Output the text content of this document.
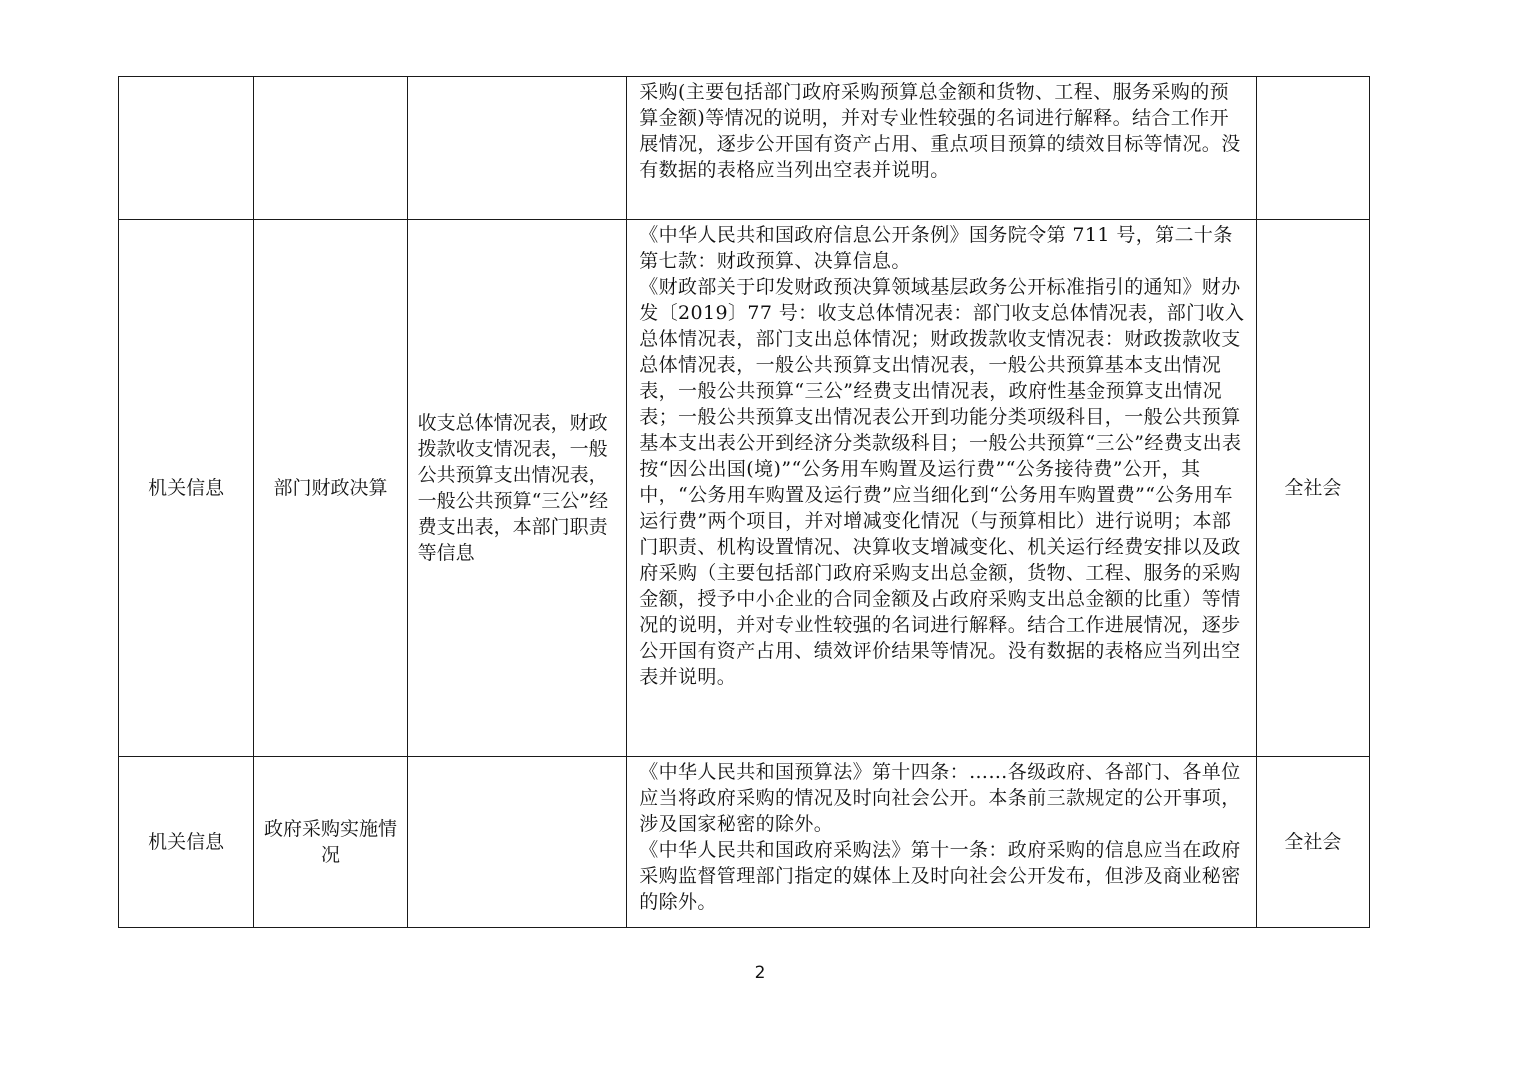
			采购(主要包括部门政府采购预算总金额和货物、工程、服务采购的预算金额)等情况的说明，并对专业性较强的名词进行解释。结合工作开展情况，逐步公开国有资产占用、重点项目预算的绩效目标等情况。没有数据的表格应当列出空表并说明。	

机关信息	部门财政决算	收支总体情况表，财政拨款收支情况表，一般公共预算支出情况表，一般公共预算“三公”经费支出表，本部门职责等信息	《中华人民共和国政府信息公开条例》国务院令第 711 号，第二十条第七款：财政预算、决算信息。

《财政部关于印发财政预决算领域基层政务公开标准指引的通知》财办发〔2019〕77 号：收支总体情况表：部门收支总体情况表，部门收入总体情况表，部门支出总体情况；财政拨款收支情况表：财政拨款收支总体情况表，一般公共预算支出情况表，一般公共预算基本支出情况表，一般公共预算“三公”经费支出情况表，政府性基金预算支出情况表；一般公共预算支出情况表公开到功能分类项级科目，一般公共预算基本支出表公开到经济分类款级科目；一般公共预算“三公”经费支出表按“因公出国(境)”“公务用车购置及运行费”“公务接待费”公开，其中，“公务用车购置及运行费”应当细化到“公务用车购置费”“公务用车运行费”两个项目，并对增减变化情况（与预算相比）进行说明；本部门职责、机构设置情况、决算收支增减变化、机关运行经费安排以及政府采购（主要包括部门政府采购支出总金额，货物、工程、服务的采购金额，授予中小企业的合同金额及占政府采购支出总金额的比重）等情况的说明，并对专业性较强的名词进行解释。结合工作进展情况，逐步公开国有资产占用、绩效评价结果等情况。没有数据的表格应当列出空表并说明。	全社会
机关信息	政府采购实施情况		《中华人民共和国预算法》第十四条：……各级政府、各部门、各单位应当将政府采购的情况及时向社会公开。本条前三款规定的公开事项，涉及国家秘密的除外。

《中华人民共和国政府采购法》第十一条：政府采购的信息应当在政府采购监督管理部门指定的媒体上及时向社会公开发布，但涉及商业秘密的除外。	全社会
2
